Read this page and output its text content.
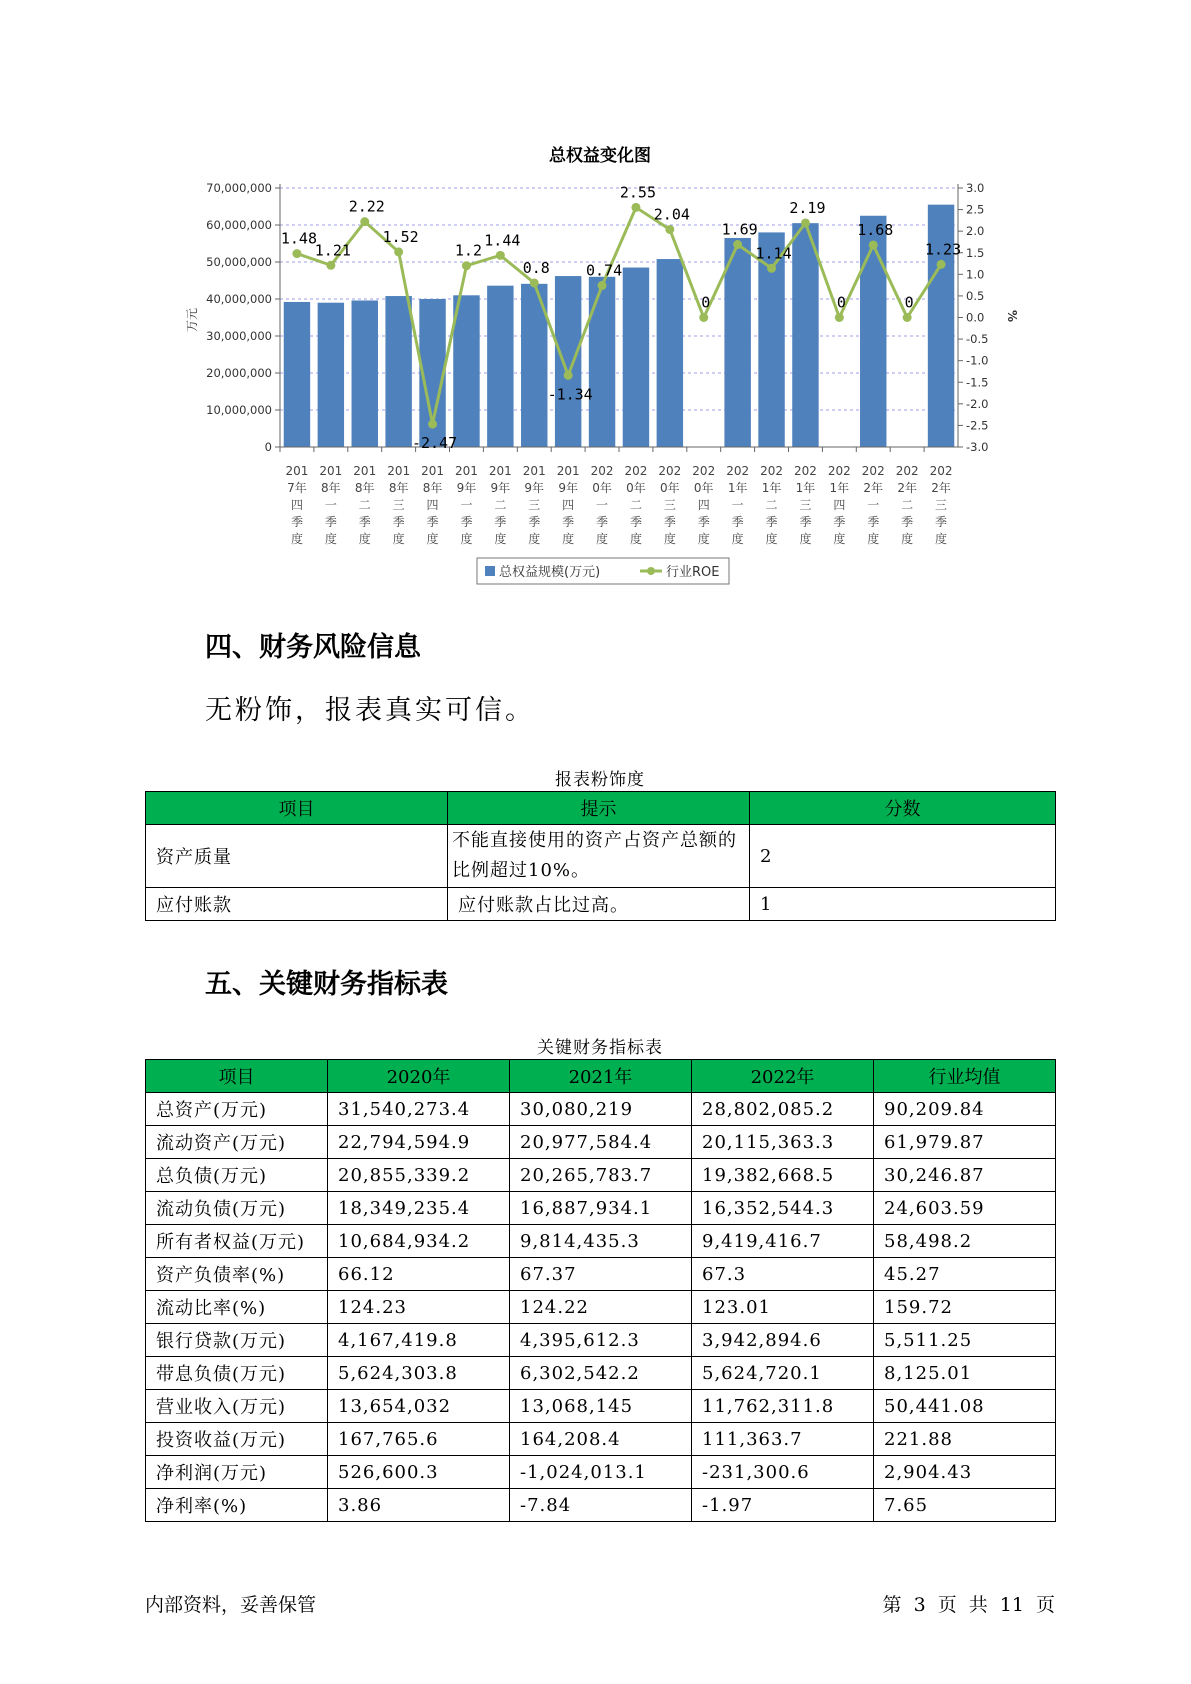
总权益变化图
0
10,000,000
20,000,000
30,000,000
40,000,000
50,000,000
60,000,000
70,000,000
-3.0
-2.5
-2.0
-1.5
-1.0
-0.5
0.0
0.5
1.0
1.5
2.0
2.5
3.0
万元	%
1.48
1.21
2.22
1.52
-2.47
1.2
1.44
0.8
-1.34
0.74
2.55
2.04
0
1.69
1.14
2.19
0
1.68
0
1.23
201 7年四季度
201 8年一季度
201 8年二季度
201 8年三季度
201 8年四季度
201 9年一季度
201 9年二季度
201 9年三季度
201 9年四季度
202 0年一季度
202 0年二季度
202 0年三季度
202 0年四季度
202 1年一季度
202 1年二季度
202 1年三季度
202 1年四季度
202 2年一季度
202 2年二季度
202 2年三季度
总权益规模(万元)	行业ROE
四、财务风险信息
无粉饰，报表真实可信。
报表粉饰度
项目	提示	分数
资产质量	不能直接使用的资产占资产总额的比例超过10%。	2
应付账款	应付账款占比过高。	1
五、关键财务指标表
关键财务指标表
项目	2020年	2021年	2022年	行业均值
总资产(万元)	31,540,273.4	30,080,219	28,802,085.2	90,209.84
流动资产(万元)	22,794,594.9	20,977,584.4	20,115,363.3	61,979.87
总负债(万元)	20,855,339.2	20,265,783.7	19,382,668.5	30,246.87
流动负债(万元)	18,349,235.4	16,887,934.1	16,352,544.3	24,603.59
所有者权益(万元)	10,684,934.2	9,814,435.3	9,419,416.7	58,498.2
资产负债率(%)	66.12	67.37	67.3	45.27
流动比率(%)	124.23	124.22	123.01	159.72
银行贷款(万元)	4,167,419.8	4,395,612.3	3,942,894.6	5,511.25
带息负债(万元)	5,624,303.8	6,302,542.2	5,624,720.1	8,125.01
营业收入(万元)	13,654,032	13,068,145	11,762,311.8	50,441.08
投资收益(万元)	167,765.6	164,208.4	111,363.7	221.88
净利润(万元)	526,600.3	-1,024,013.1	-231,300.6	2,904.43
净利率(%)	3.86	-7.84	-1.97	7.65
内部资料，妥善保管	第 3 页 共 11 页
